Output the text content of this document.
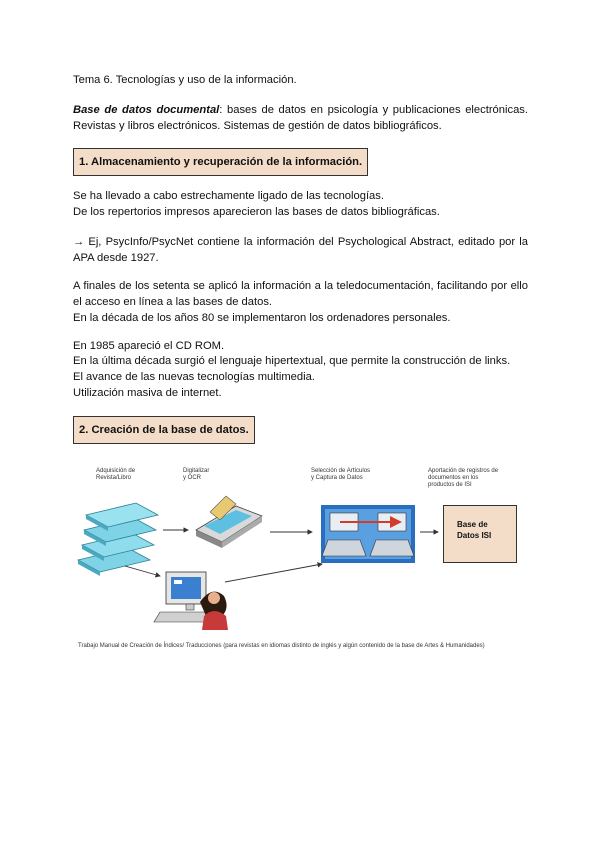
Tema 6. Tecnologías y uso de la información.

Base de datos documental: bases de datos en psicología y publicaciones electrónicas. Revistas y libros electrónicos. Sistemas de gestión de datos bibliográficos.

1. Almacenamiento y recuperación de la información.

Se ha llevado a cabo estrechamente ligado de las tecnologías.

De los repertorios impresos aparecieron las bases de datos bibliográficas.

→ Ej, PsycInfo/PsycNet contiene la información del Psychological Abstract, editado por la APA desde 1927.

A finales de los setenta se aplicó la información a la teledocumentación, facilitando por ello el acceso en línea a las bases de datos.

En la década de los años 80 se implementaron los ordenadores personales.

En 1985 apareció el CD ROM.

En la última década surgió el lenguaje hipertextual, que permite la construcción de links.

El avance de las nuevas tecnologías multimedia.

Utilización masiva de internet.

2. Creación de la base de datos.
Adquisición de
Revista/Libro
Digitalizar
y OCR
Selección de Artículos
y Captura de Datos
Aportación de registros de
documentos en los
productos de ISI

Base de
Datos ISI

Trabajo Manual de Creación de Índices/ Traducciones (para revistas en idiomas distinto de inglés y algún contenido de la base de Artes & Humanidades)
